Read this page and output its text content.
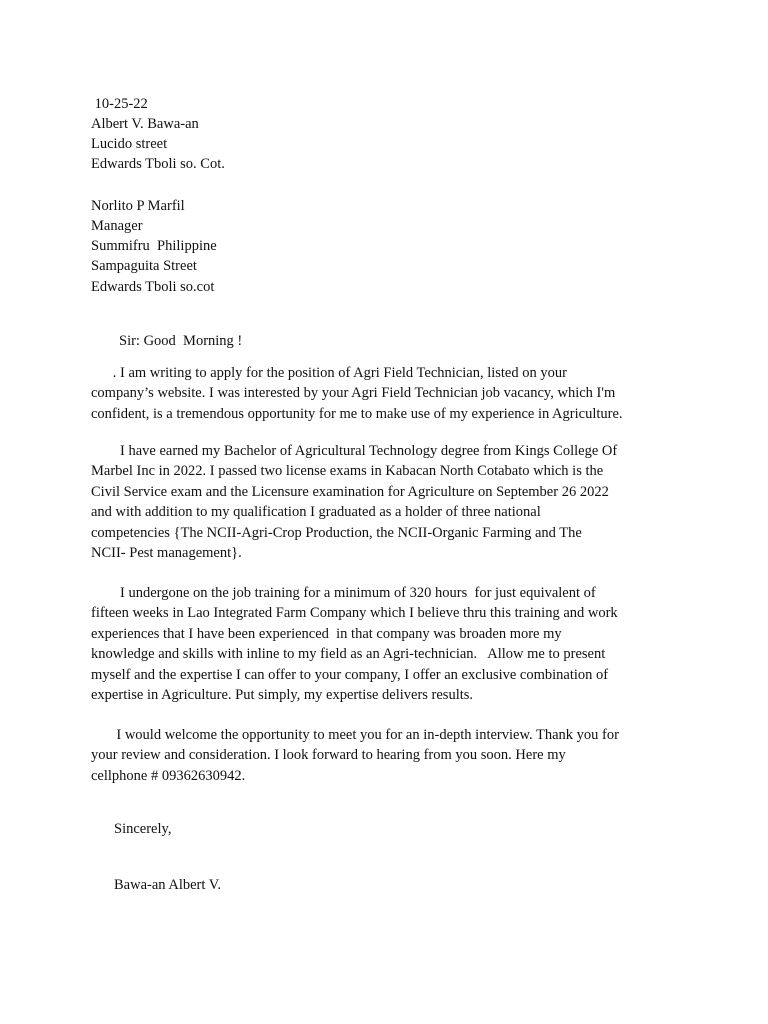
10-25-22
Albert V. Bawa-an
Lucido street
Edwards Tboli so. Cot.
Norlito P Marfil
Manager
Summifru  Philippine
Sampaguita Street
Edwards Tboli so.cot
Sir: Good  Morning !
. I am writing to apply for the position of Agri Field Technician, listed on your
company’s website. I was interested by your Agri Field Technician job vacancy, which I'm
confident, is a tremendous opportunity for me to make use of my experience in Agriculture.
I have earned my Bachelor of Agricultural Technology degree from Kings College Of
Marbel Inc in 2022. I passed two license exams in Kabacan North Cotabato which is the
Civil Service exam and the Licensure examination for Agriculture on September 26 2022
and with addition to my qualification I graduated as a holder of three national
competencies {The NCII-Agri-Crop Production, the NCII-Organic Farming and The
NCII- Pest management}.
I undergone on the job training for a minimum of 320 hours  for just equivalent of
fifteen weeks in Lao Integrated Farm Company which I believe thru this training and work
experiences that I have been experienced  in that company was broaden more my
knowledge and skills with inline to my field as an Agri-technician.   Allow me to present
myself and the expertise I can offer to your company, I offer an exclusive combination of
expertise in Agriculture. Put simply, my expertise delivers results.
I would welcome the opportunity to meet you for an in-depth interview. Thank you for
your review and consideration. I look forward to hearing from you soon. Here my
cellphone # 09362630942.
Sincerely,
Bawa-an Albert V.
